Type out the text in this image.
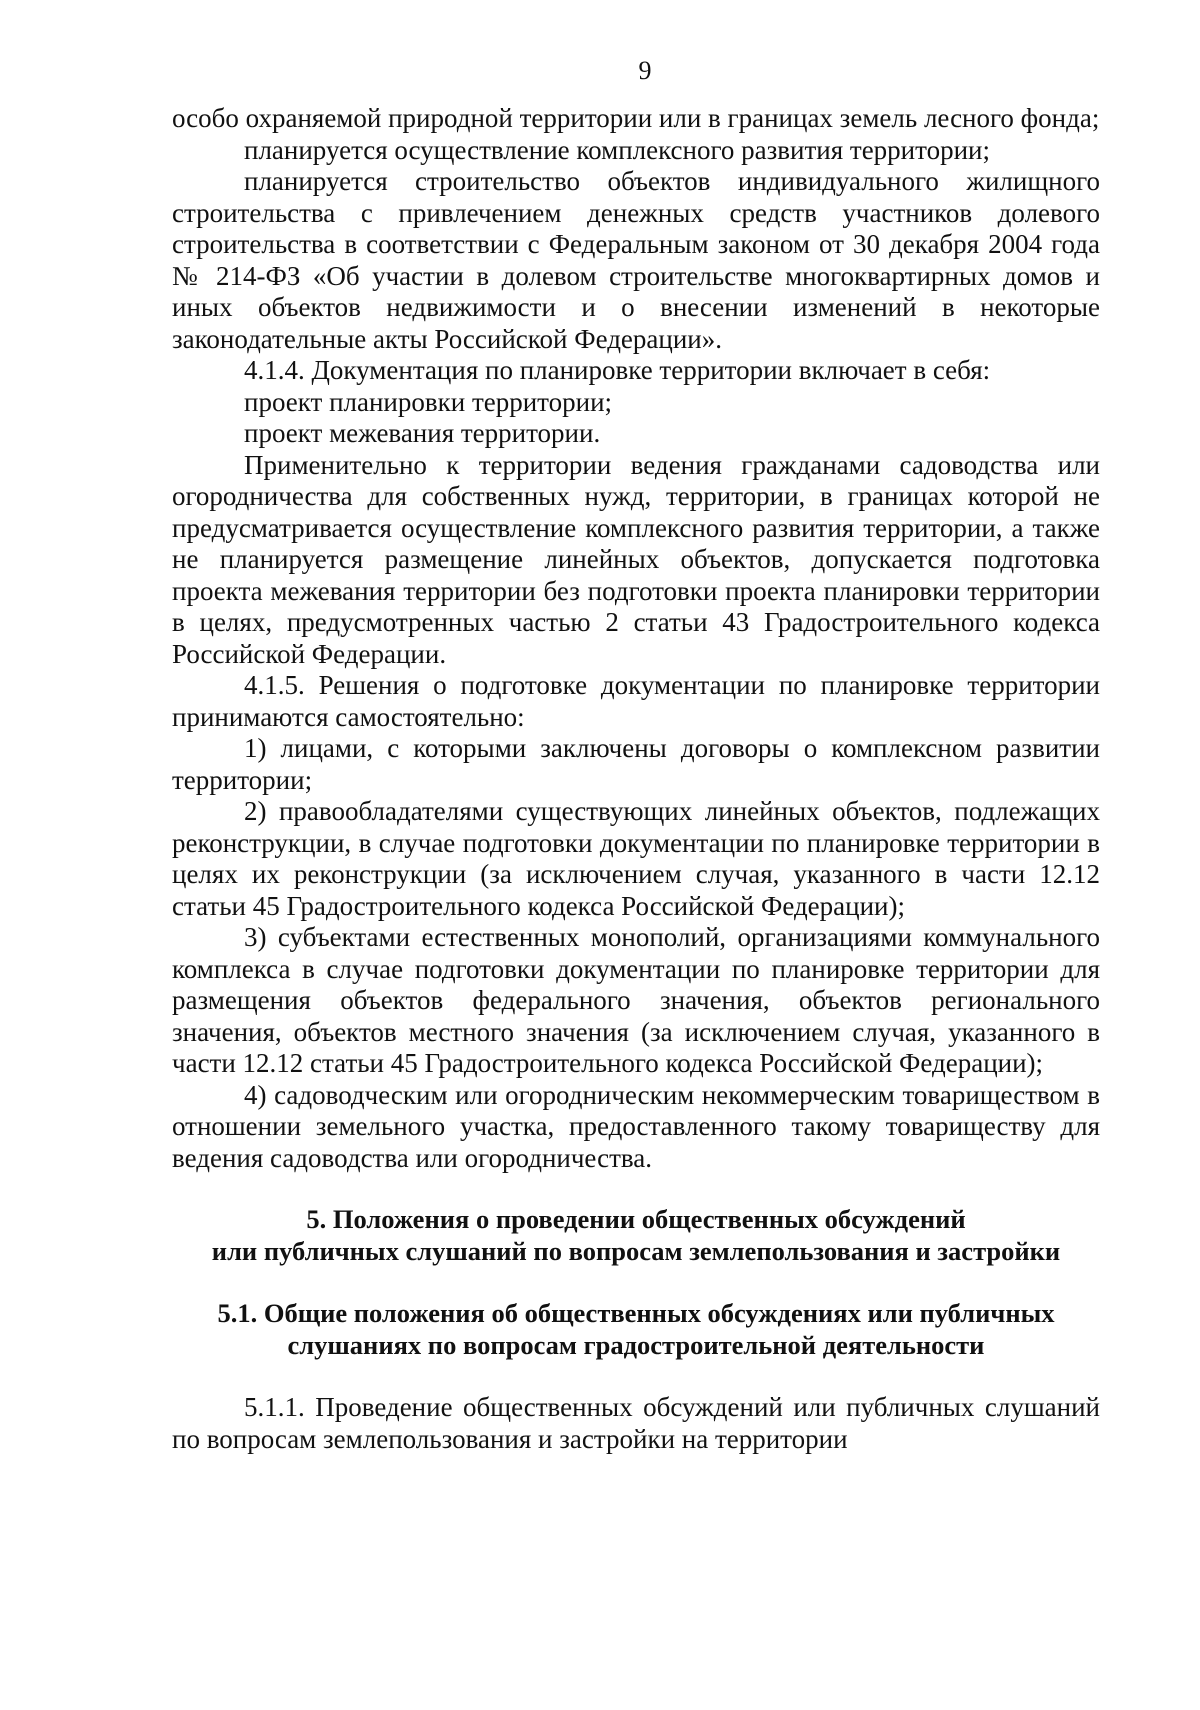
9

особо охраняемой природной территории или в границах земель лесного фонда;

планируется осуществление комплексного развития территории;

планируется строительство объектов индивидуального жилищного строительства с привлечением денежных средств участников долевого строительства в соответствии с Федеральным законом от 30 декабря 2004 года № 214-ФЗ «Об участии в долевом строительстве многоквартирных домов и иных объектов недвижимости и о внесении изменений в некоторые законодательные акты Российской Федерации».

4.1.4. Документация по планировке территории включает в себя:

проект планировки территории;

проект межевания территории.

Применительно к территории ведения гражданами садоводства или огородничества для собственных нужд, территории, в границах которой не предусматривается осуществление комплексного развития территории, а также не планируется размещение линейных объектов, допускается подготовка проекта межевания территории без подготовки проекта планировки территории в целях, предусмотренных частью 2 статьи 43 Градостроительного кодекса Российской Федерации.

4.1.5. Решения о подготовке документации по планировке территории принимаются самостоятельно:

1) лицами, с которыми заключены договоры о комплексном развитии территории;

2) правообладателями существующих линейных объектов, подлежащих реконструкции, в случае подготовки документации по планировке территории в целях их реконструкции (за исключением случая, указанного в части 12.12 статьи 45 Градостроительного кодекса Российской Федерации);

3) субъектами естественных монополий, организациями коммунального комплекса в случае подготовки документации по планировке территории для размещения объектов федерального значения, объектов регионального значения, объектов местного значения (за исключением случая, указанного в части 12.12 статьи 45 Градостроительного кодекса Российской Федерации);

4) садоводческим или огородническим некоммерческим товариществом в отношении земельного участка, предоставленного такому товариществу для ведения садоводства или огородничества.

5. Положения о проведении общественных обсуждений
или публичных слушаний по вопросам землепользования и застройки
5.1. Общие положения об общественных обсуждениях или публичных
слушаниях по вопросам градостроительной деятельности

5.1.1. Проведение общественных обсуждений или публичных слушаний по вопросам землепользования и застройки на территории
